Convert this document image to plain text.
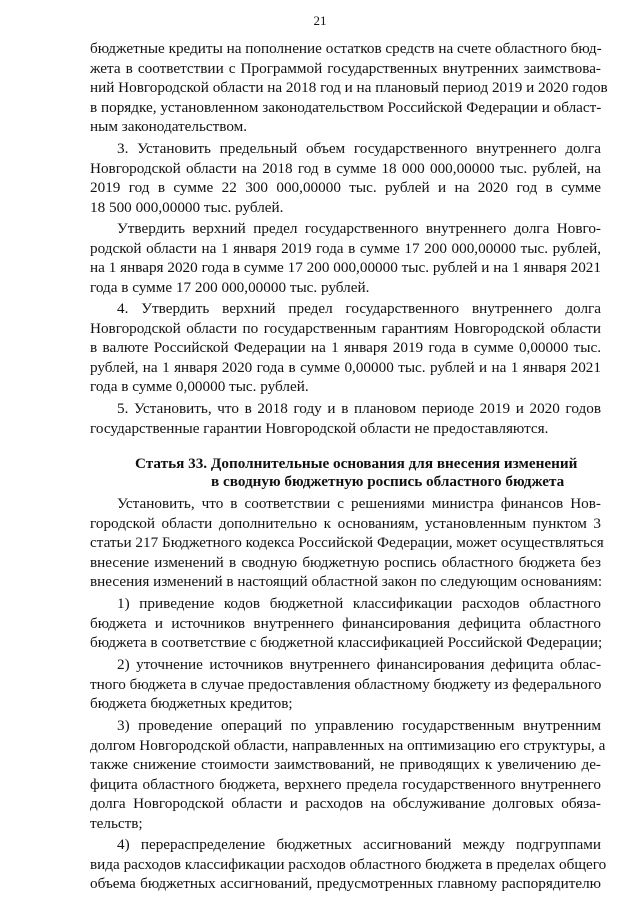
21
бюджетные кредиты на пополнение остатков средств на счете областного бюд-
жета в соответствии с Программой государственных внутренних заимствова-
ний Новгородской области на 2018 год и на плановый период 2019 и 2020 годов
в порядке, установленном законодательством Российской Федерации и област-
ным законодательством.
3. Установить предельный объем государственного внутреннего долга
Новгородской области на 2018 год в сумме 18 000 000,00000 тыс. рублей, на
2019 год в сумме 22 300 000,00000 тыс. рублей и на 2020 год в сумме
18 500 000,00000 тыс. рублей.
Утвердить верхний предел государственного внутреннего долга Новго-
родской области на 1 января 2019 года в сумме 17 200 000,00000 тыс. рублей,
на 1 января 2020 года в сумме 17 200 000,00000 тыс. рублей и на 1 января 2021
года в сумме 17 200 000,00000 тыс. рублей.
4. Утвердить верхний предел государственного внутреннего долга
Новгородской области по государственным гарантиям Новгородской области
в валюте Российской Федерации на 1 января 2019 года в сумме 0,00000 тыс.
рублей, на 1 января 2020 года в сумме 0,00000 тыс. рублей и на 1 января 2021
года в сумме 0,00000 тыс. рублей.
5. Установить, что в 2018 году и в плановом периоде 2019 и 2020 годов
государственные гарантии Новгородской области не предоставляются.
Статья 33. Дополнительные основания для внесения изменений
в сводную бюджетную роспись областного бюджета
Установить, что в соответствии с решениями министра финансов Нов-
городской области дополнительно к основаниям, установленным пунктом 3
статьи 217 Бюджетного кодекса Российской Федерации, может осуществляться
внесение изменений в сводную бюджетную роспись областного бюджета без
внесения изменений в настоящий областной закон по следующим основаниям:
1) приведение кодов бюджетной классификации расходов областного
бюджета и источников внутреннего финансирования дефицита областного
бюджета в соответствие с бюджетной классификацией Российской Федерации;
2) уточнение источников внутреннего финансирования дефицита облас-
тного бюджета в случае предоставления областному бюджету из федерального
бюджета бюджетных кредитов;
3) проведение операций по управлению государственным внутренним
долгом Новгородской области, направленных на оптимизацию его структуры, а
также снижение стоимости заимствований, не приводящих к увеличению де-
фицита областного бюджета, верхнего предела государственного внутреннего
долга Новгородской области и расходов на обслуживание долговых обяза-
тельств;
4) перераспределение бюджетных ассигнований между подгруппами
вида расходов классификации расходов областного бюджета в пределах общего
объема бюджетных ассигнований, предусмотренных главному распорядителю
